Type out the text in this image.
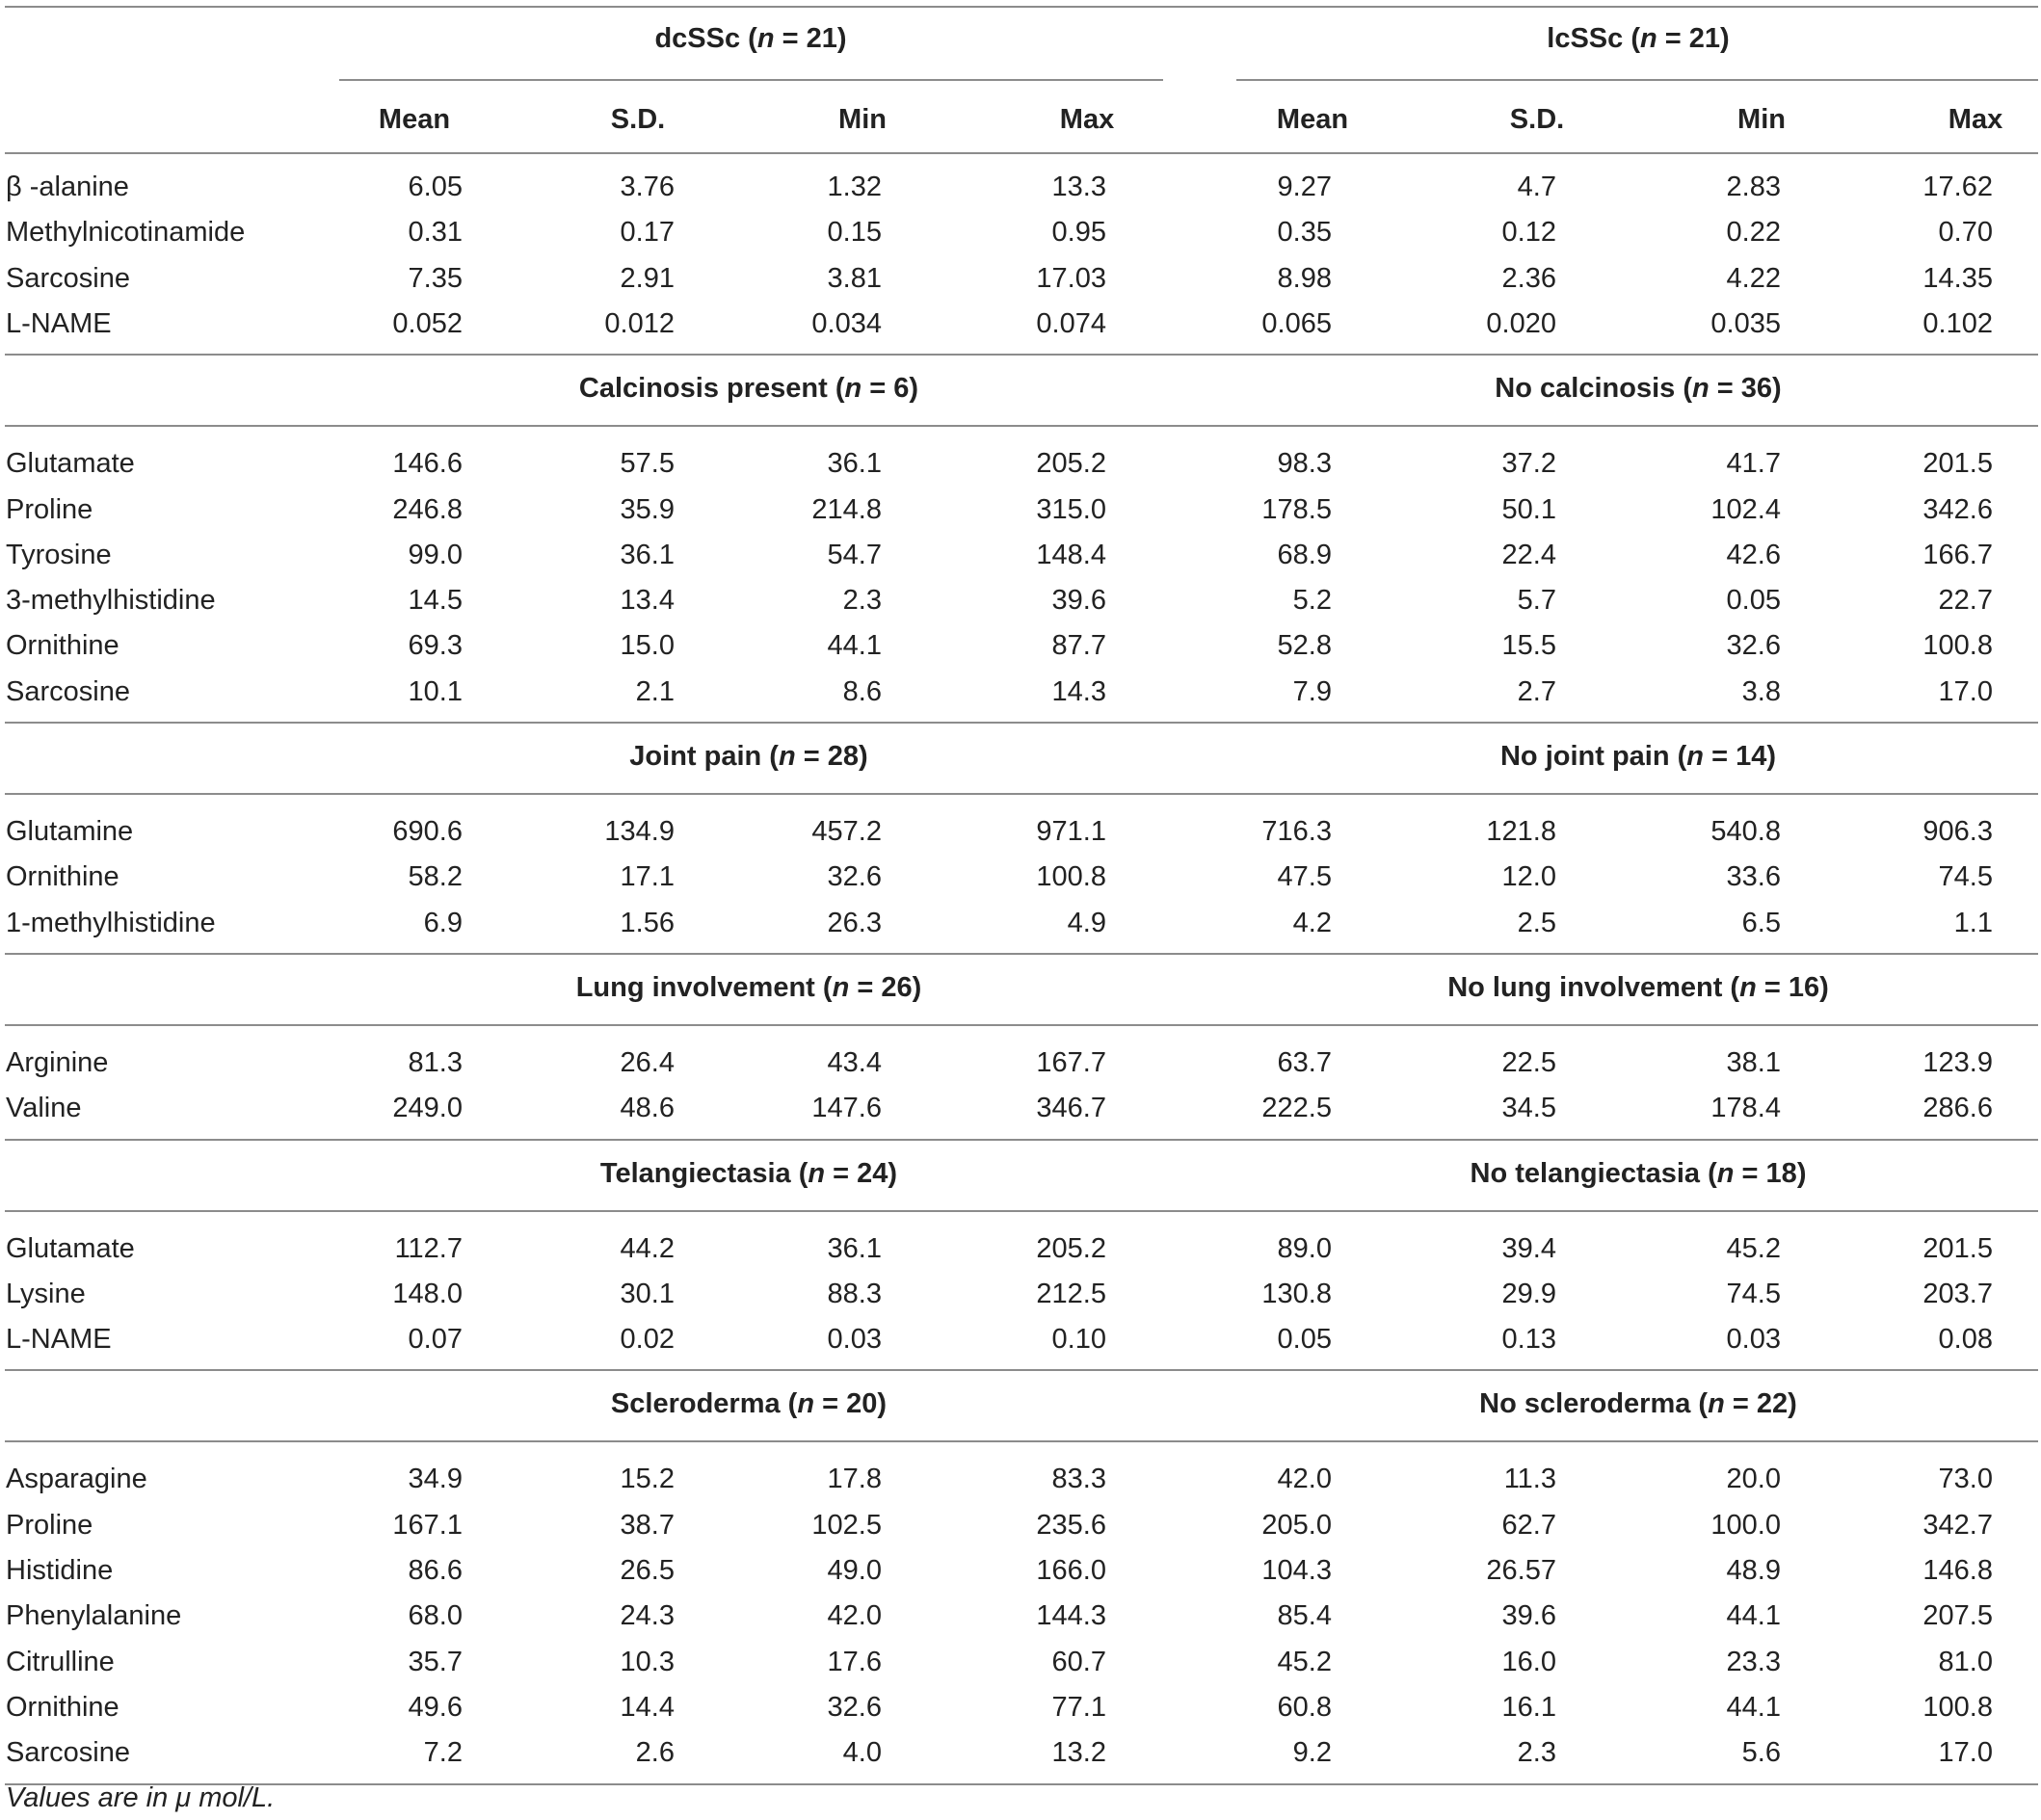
dcSSc (n = 21)	lcSSc (n = 21)
Mean	S.D.	Min	Max	Mean	S.D.	Min	Max
β -alanine	6.05	3.76	1.32	13.3	9.27	4.7	2.83	17.62
Methylnicotinamide	0.31	0.17	0.15	0.95	0.35	0.12	0.22	0.70
Sarcosine	7.35	2.91	3.81	17.03	8.98	2.36	4.22	14.35
L-NAME	0.052	0.012	0.034	0.074	0.065	0.020	0.035	0.102
Calcinosis present (n = 6)	No calcinosis (n = 36)
Glutamate	146.6	57.5	36.1	205.2	98.3	37.2	41.7	201.5
Proline	246.8	35.9	214.8	315.0	178.5	50.1	102.4	342.6
Tyrosine	99.0	36.1	54.7	148.4	68.9	22.4	42.6	166.7
3-methylhistidine	14.5	13.4	2.3	39.6	5.2	5.7	0.05	22.7
Ornithine	69.3	15.0	44.1	87.7	52.8	15.5	32.6	100.8
Sarcosine	10.1	2.1	8.6	14.3	7.9	2.7	3.8	17.0
Joint pain (n = 28)	No joint pain (n = 14)
Glutamine	690.6	134.9	457.2	971.1	716.3	121.8	540.8	906.3
Ornithine	58.2	17.1	32.6	100.8	47.5	12.0	33.6	74.5
1-methylhistidine	6.9	1.56	26.3	4.9	4.2	2.5	6.5	1.1
Lung involvement (n = 26)	No lung involvement (n = 16)
Arginine	81.3	26.4	43.4	167.7	63.7	22.5	38.1	123.9
Valine	249.0	48.6	147.6	346.7	222.5	34.5	178.4	286.6
Telangiectasia (n = 24)	No telangiectasia (n = 18)
Glutamate	112.7	44.2	36.1	205.2	89.0	39.4	45.2	201.5
Lysine	148.0	30.1	88.3	212.5	130.8	29.9	74.5	203.7
L-NAME	0.07	0.02	0.03	0.10	0.05	0.13	0.03	0.08
Scleroderma (n = 20)	No scleroderma (n = 22)
Asparagine	34.9	15.2	17.8	83.3	42.0	11.3	20.0	73.0
Proline	167.1	38.7	102.5	235.6	205.0	62.7	100.0	342.7
Histidine	86.6	26.5	49.0	166.0	104.3	26.57	48.9	146.8
Phenylalanine	68.0	24.3	42.0	144.3	85.4	39.6	44.1	207.5
Citrulline	35.7	10.3	17.6	60.7	45.2	16.0	23.3	81.0
Ornithine	49.6	14.4	32.6	77.1	60.8	16.1	44.1	100.8
Sarcosine	7.2	2.6	4.0	13.2	9.2	2.3	5.6	17.0
Values are in μ mol/L.
